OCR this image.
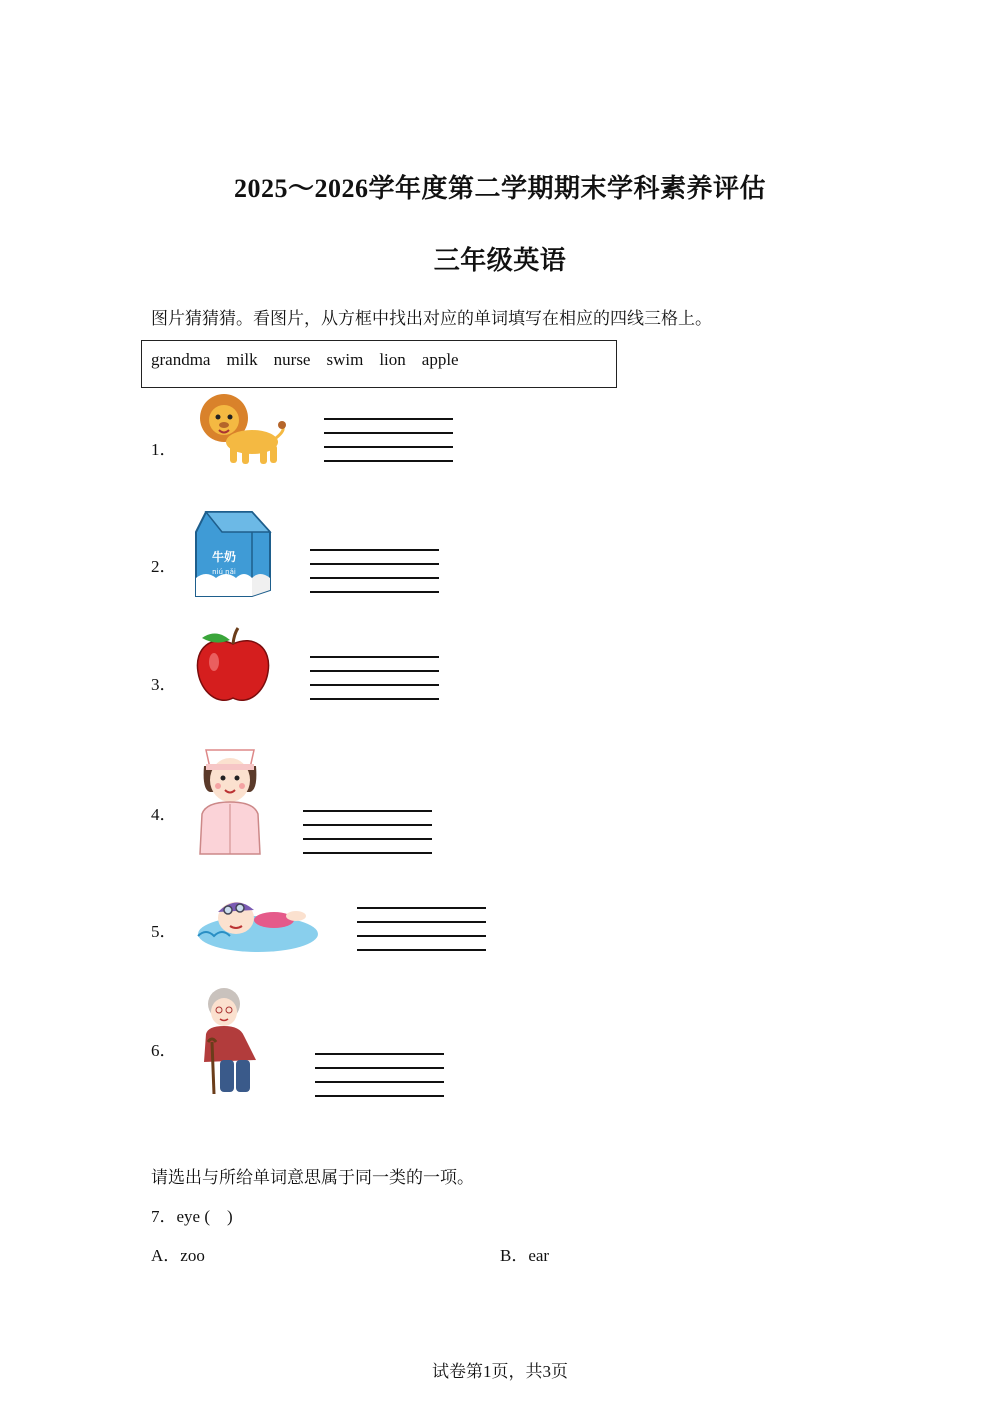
2025～2026学年度第二学期期末学科素养评估
三年级英语
图片猜猜猜。看图片，从方框中找出对应的单词填写在相应的四线三格上。
grandma milk nurse swim lion apple
1．
2．	牛奶
niú nǎi
3．
4．
5．
6．
请选出与所给单词意思属于同一类的一项。
7．eye (    )
A．zoo	B．ear
试卷第1页，共3页
